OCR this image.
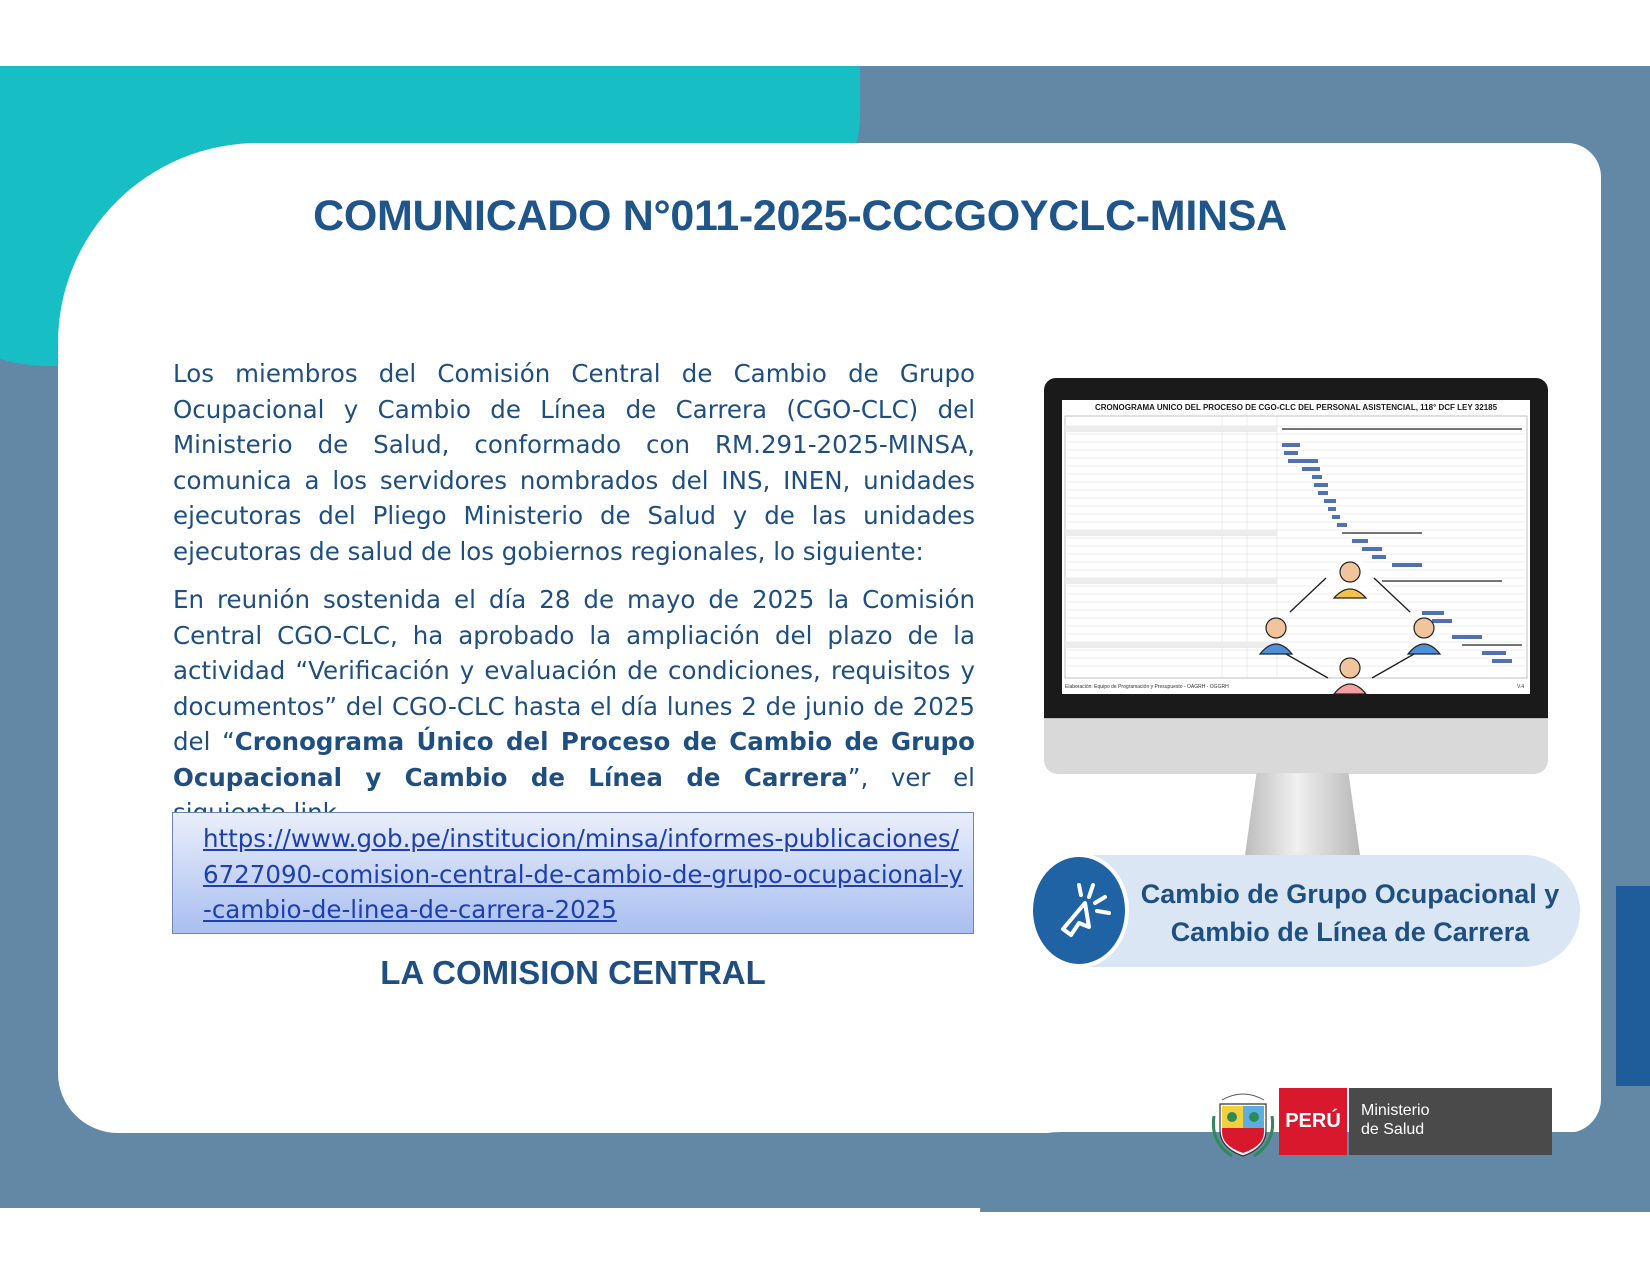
COMUNICADO N°011-2025-CCCGOYCLC-MINSA
Los miembros del Comisión Central de Cambio de Grupo Ocupacional y Cambio de Línea de Carrera (CGO-CLC) del Ministerio de Salud, conformado con RM.291-2025-MINSA, comunica a los servidores nombrados del INS, INEN, unidades ejecutoras del Pliego Ministerio de Salud y de las unidades ejecutoras de salud de los gobiernos regionales, lo siguiente:
En reunión sostenida el día 28 de mayo de 2025 la Comisión Central CGO-CLC, ha aprobado la ampliación del plazo de la actividad “Verificación y evaluación de condiciones, requisitos y documentos” del CGO-CLC hasta el día lunes 2 de junio de 2025 del “Cronograma Único del Proceso de Cambio de Grupo Ocupacional y Cambio de Línea de Carrera”, ver el
https://www.gob.pe/institucion/minsa/informes-publicaciones/6727090-comision-central-de-cambio-de-grupo-ocupacional-y-cambio-de-linea-de-carrera-2025
LA COMISION CENTRAL
CRONOGRAMA UNICO DEL PROCESO DE CGO-CLC DEL PERSONAL ASISTENCIAL, 118° DCF LEY 32185
Elaboración: Equipo de Programación y Presupuesto - OAGRH - OGGRH	V.4
Cambio de Grupo Ocupacional y
Cambio de Línea de Carrera
PERÚ	Ministerio
de Salud
